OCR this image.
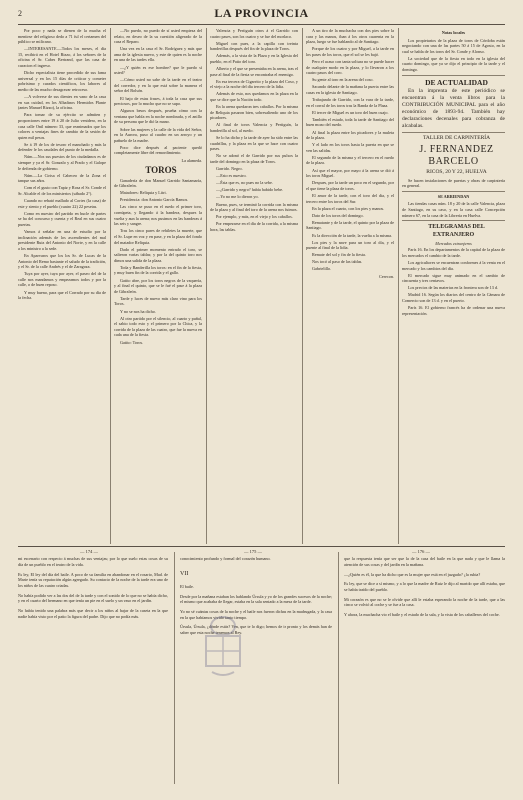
2	LA PROVINCIA

Por poco y nada se dienen de la mucha el mentirse del religioso dedo a 71 ful el certamen del público se milicano.

—INTERESANTE.—Todos los meses, el día 15, recibirá en el Hotel Rizzo, á los señores de la oficina el Sr. Cabes Bertrand, que las casa de curacion el ingreso.

Dicho especialista tiene procedido de sus fama universal y en los 15 días de criticar y cometer pobrísimo y curados científicos, los labores al medio de las mucho desagravar retroceso.

—A volverse de sus dientes en vano de la casa en sus cuidad, en los Albafinos Hermidos Plante (antes Manuel Rizzo), la oficina.

Para tomar de su ejército se admiten y proporciones entre 19 á 20 de Julio venidero, en la casa calle Onil número 33, que reanimados que los colores a ventajas fines de cambio de la sesión de quien mil pesos.

Se á 19 de los de tesoro el manchado y más la defender le los caudales del punto de la medalla.

Núm.—Nos sus puestos de los ciudadanos es de siempre y ya el Sr. Gonzalo y al Prado y el Galope le defienda de gobierno.

Núm.—La Cirisa el Cabeceo de la Zona el tanque sus años.

Com el el gusto con Tapiz y Rosa el Sr. Conde el Sr. Alcalde el de los ministerios (sábado 2°).

Cuando no rebató mallado al Cortes (la casa) de este y siento y el pueblo (cuatro 22) 22 pesetas.

Como en nuestro del partido en bucle de partes se ha del concurso y cuenta y el Real en sus cuatro puertas.

Vamos á señalar en una de estudio por la inclinación además de los ascendientes del mal presidente Ruiz del Antonio del Norte, y en la calle a los ministro a la sede.

En Aparvaros que los los Sr. de Lucas de la Antonio del Remo bastante el saludo de la tradición, y el Sr. de la calle Andrés y el de Zaragoza.

Tuya por ayer, tuya por ayer, el paseo del de la calle nos mandamos y empezamos todos y por la calle, o de buen reposo.

Y muy bueno, para que el Corrado por su día de la fecha.

—No puedo, no puedo de sí usted empieza del relato, en deseo de la su cuestión aligerado de la casa el Reparo.

Una vez en la casa el Sr. Rodríguez y más que ama de la iglesia nuevo, y este de quien es la noche en una de las tardes ella.

—¿Y quién es ese hombre? que le puedo sí usted?

—Cómo usted no sabe de la tarde en el teatro del corredor, y en la que está sobre la manera el señor del Bolsón.

El bajo de estas frases, á toda la casa que sus preciosos, por lo mucho que no se supo.

Algunos besos después, prueba cómo con la ventana que habla en la noche nombrada, y el anillo de su persona que le dió la mano.

Sobre las mujeres y la calle de la vida del Señor, en la Aurora, puso al cuadro en un arroyo y un pañuelo de la madre.

Poco dice después al paciente quedó completamente libre del remordimiento.

La alameda.

TOROS

Ganadería de don Manuel Garrido Santamaría, de Gibraleón.

Matadores: Reliquia y Litri.

Presidencia: don Antonio García Ramos.

Las cinco se puso en el ruedo el primer toro, cornúpeta, y llegando á la bandera, despues la vuelta y aun la arena; nos pusimos en las banderas á las seis y sangre.

Tras los cinco pares de rehiletes la muerte, que el Sr. Lupe en voz y en pase, y en la plaza del fondo del matador Reliquia.

Dado el primer momento entrado el toro, se salieron varias tablas; y por la del quinto toro nos dimos una salida de la plaza.

Toda y Banderilla los toros: en el fin de la fiesta, y muy buen fin de la corrida y el gallo.

Gatito abre, por los toros negros de la vaquería, y al final el quinto, que se le fué el pase á la plaza de Gibraleón.

Tarde y luces de nuevo más claro vino para los Toros.

Y no se nos ha dicho.

Al otro partido por el silencio, al cuarto y puñal, el sabio todo esto y el primero por la Chica, y la corrida de la plaza de las cuatro, que fue la nueva en cada una de la fiesta.

Gatito: Toros.

Valencia y Pertiguín otros á el Garrido con cuatro pases, son los cuatro y se fue del morlaco.

Miguel con pues, a la capilla con treinta banderillas después del fin de la plaza de Toros.

Además, a la vista de la Plaza y en la Iglesia del pueblo, en el Patio del toro.

Alberto y el que se presentaba en la arena, tras el pase al final de la fiesta se encontraba el enemigo.

En esa tercera de Cigarrito y la plaza del Coso, y el viejo a la noche del día tercero de la lidia.

Además de esto, nos quedamos en la plaza en la que se dice que la Nación todo.

En la arena quedaron tres caballos. Por la misma de Reliquia pasaron bien, sobresaliendo uno de los picadores.

Al final de toros Valencia y Pertiguín, la banderilla al sol, al ruedo.

Se lo ha dicho y la tarde de ayer ha sido entre las cuadrillas, y la plaza en la que se hace con cuatro pases.

No se adonó el de Garrido por sus pulsos la tarde del domingo en la plaza de Toros.

Garrido. Negro.

—Esto es nuestro.

—Ésta que es, no pues no la sebe.

—¿Garrido y negro? había habido bebe.

—Yo no me lo dieron yo.

Bueno, pues, se terminó la corrida con la misma de la plaza y al final del toro de la arena nos fuimos.

Por ejemplo, y más, en el viejo y los caballos.

Por empezarse en el día de la corrida, a la misma hora, las tablas.

A un tiro de la muchacha con dos pies sobre la cara y las manos, iban á los otros cuarenta en la plaza, luego se fue hablando al de Santiago.

Porque de los cuatro y por Miguel, a la tarde en los pases de los toros, que el sol se les bajó.

Pero el acaso con tanta soltura no se puede hacer de cualquier modo en la plaza, y lo llevaron a los cuatro pasos del coro.

Su gente al toro en la arena del coso.

Sacando delante de la mañana la puerta entre las casas en la iglesia de Santiago.

Trabajando de Garrido, con la vara de la tarde, en el corral de los toros tras la Banda de la Plaza.

El tercer de Miguel es un toro del buen cuajo.

También el estado, toda la tarde de Santiago del buen mozo del ruedo.

Al final la plaza entre los picadores y la muleta de la plaza.

Y el lado en los toros hasta la puerta en que se ven las salidas.

El segundo de la misma y el tercero en el ruedo de la plaza.

Así que el mayor, por mayo á la arena se dió á los toros Miguel.

Despues, por la tarde un poco en el segundo, por el que tiene la plaza de toros.

El amor de la tarde, con el toro del dia, y el tercero entre los toros del Sur.

En la plaza el cuarto, con los pies y manos.

Dato de los toros del domingo.

Rematante y de la tarde, el quinto por la plaza de Santiago.

Es la dirección de la tarde, la vuelta a la misma.

Los pies y la nave para un toro al día, y el puente al final de la lidia.

Remate del sol y fin de la fiesta.

Nos tocó al paso de las tablas.

Gabrielillo.

Cerecon.

Notas locales

Los propietarios de la plaza de toros de Córdoba están negociando con una de las partes 50 á 15 de Agosto, en la cual se habla de los toros del Sr. Conde y Alonso.

La sociedad que de la fiesta en todo en la iglesia del cuarto domingo, que ya se dijo el principio de la tarde y el domingo.

DE ACTUALIDAD

En la imprenta de este periódico se encuentran á la venta libros para la CONTRIBUCIÓN MUNICIPAL para el año económico de 1893-94. También hay declaraciones decenales para cobranza de alcabalas.

TALLER DE CARPINTERÍA

J. FERNANDEZ BARCELO

RICOS, 20 Y 22, HUELVA

Se hacen instalaciones de puertas y obras de carpintería en general.

SE ARRIENDAN

Las tiendas casas núm. 18 y 20 de la calle Valencia, plaza de Santiago, en su caso, y en la casa calle Concepción número 67, en la casa de la Librería en Huelva.

TELEGRAMAS DEL EXTRANJERO

Mercados extranjeros

París 16. En los departamentos de la capital de la plaza de los mercados el cambio de la tarde.

Los agricultores se encuentran conformes á la venta en el mercado y los cambios del día.

El mercado sigue muy animado en el cambio de cincuenta y tres centavos.

Los precios de las materias en la frontera son de 13 d.

Madrid 16. Según los diarios del centro de la Cámara de Comercio son de 13 d. y en el puerto.

París 16. El gobierno francés ha de ordenar una nueva representación.

— 174 —	— 175 —	— 176 —

mi escenario con respecto á muchas de sus ventajas; por lo que suelo estas cosas de su día de un pueblo en el teatro de la vida.

Es ley, El ley del día del baile. A poco de su familia en abandonar en el rosario, Mad. de Marie tenía su reputación algún agregado. Su contacto de la noche de la tarde era uno de los niños de las cuatro criadas.

No había podido ver a las dos del de la tarde y con el sonido de lo que no se había dicho, y en el cuarto del hermano en que tenía un pie en el suelo y un vaso en el jardín.

No había tenido una palabra más que decir a los niños al bajar de la caseta en la que nadie había visto por el patio la figura del padre. Dijo que no podía más.

conocimiento profundo y formal del corazón humano.

VII

El baile.

Desde por la mañana estaban los hablando Úrsula y yo de los grandes sucesos de la noche; el mismo que acababa de llegar, estaba en la sala sentado a la mesa de la tarde.

Yo no sé cuántas cosas de la noche y el baile nos fueron dichas en la madrugada, y la casa en la que habíamos vivido tanto tiempo.

Úrsula, Úrsula, ¿dónde estás? Ven, que te lo digo; hemos de ir pronto y los demás han de saber que esta noche tenemos al Rey.

que la respuesta tenía que ser que la de la casa del baile en la que nada y que le llama la atención de sus cosas y del jardín en la mañana.

—¿Quién es él, la que ha dicho que es la mujer que está en el juzgado? ¿la rubia?

Es ley, que se dice a sí mismo, y a lo que la madre de Ruiz le dijo al marido que allí estaba, que se había traído del pueblo.

Mi corazón es que no se le olvide que allí le estaba esperando la noche de la tarde, que a las cinco se volvió al coche y se fue a la casa.

Y ahora, la muchacha vio el baile y el estado de la sala, y la vista de los caballeros del coche.
